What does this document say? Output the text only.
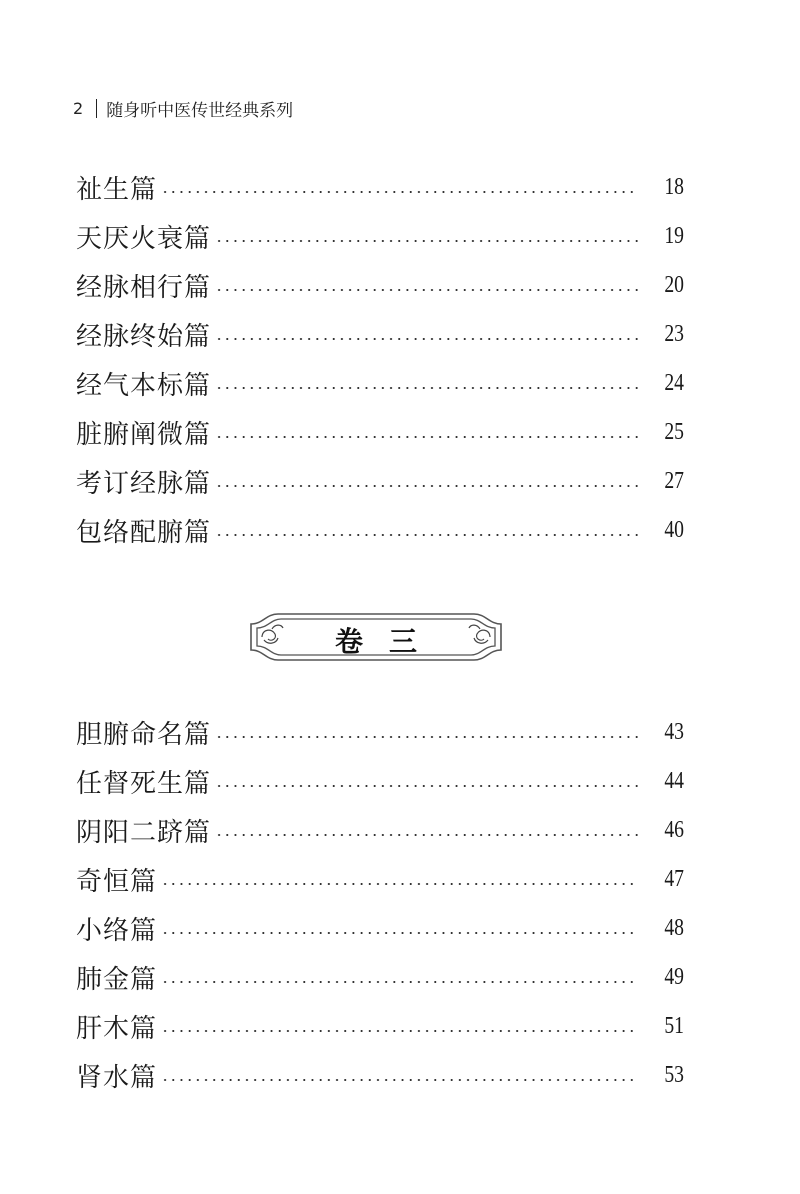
2 随身听中医传世经典系列
祉生篇	18
天厌火衰篇	19
经脉相行篇	20
经脉终始篇	23
经气本标篇	24
脏腑阐微篇	25
考订经脉篇	27
包络配腑篇	40
卷三
胆腑命名篇	43
任督死生篇	44
阴阳二跻篇	46
奇恒篇	47
小络篇	48
肺金篇	49
肝木篇	51
肾水篇	53
